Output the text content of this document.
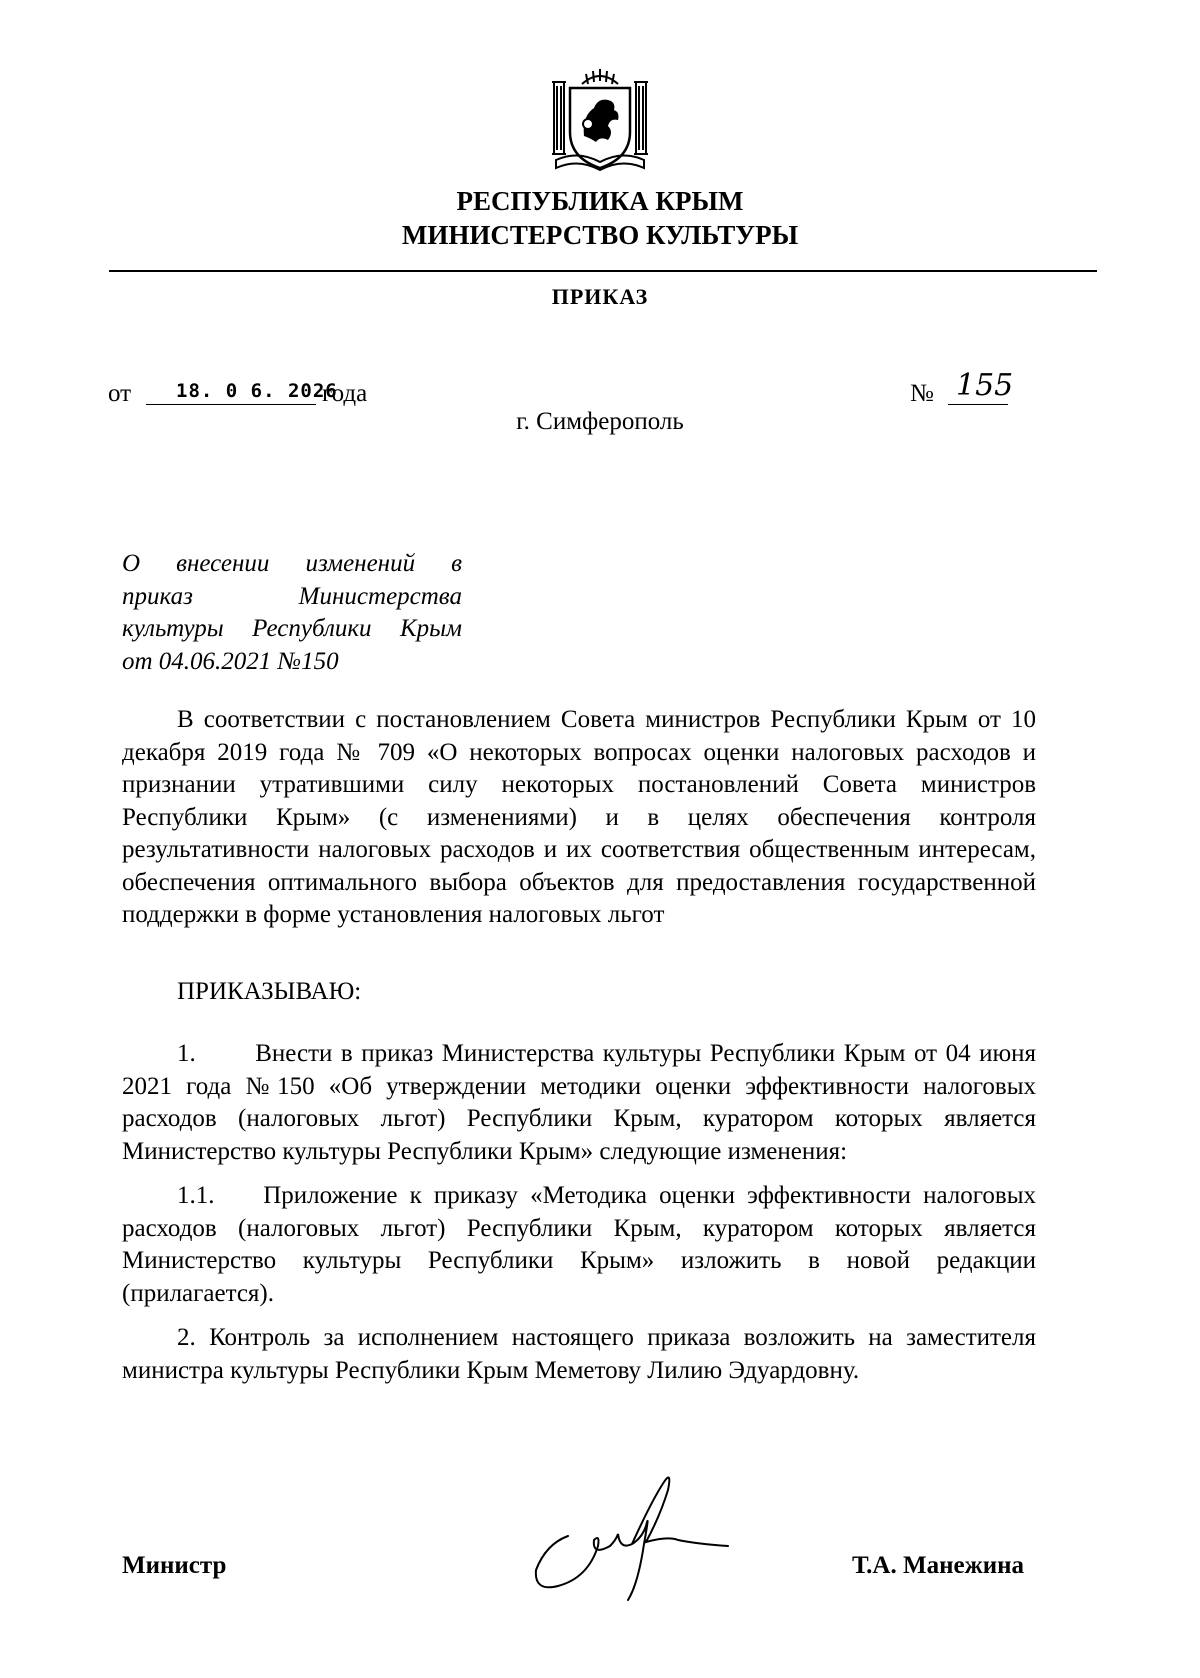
РЕСПУБЛИКА КРЫМ
МИНИСТЕРСТВО КУЛЬТУРЫ
ПРИКАЗ
от 18. 0 6. 2026
года	№ 155
г. Симферополь
О внесении изменений в
приказ Министерства
культуры Республики Крым
от 04.06.2021 №150
В соответствии с постановлением Совета министров Республики Крым от 10 декабря 2019 года № 709 «О некоторых вопросах оценки налоговых расходов и признании утратившими силу некоторых постановлений Совета министров Республики Крым» (с изменениями) и в целях обеспечения контроля результативности налоговых расходов и их соответствия общественным интересам, обеспечения оптимального выбора объектов для предоставления государственной поддержки в форме установления налоговых льгот
ПРИКАЗЫВАЮ:
1.       Внести в приказ Министерства культуры Республики Крым от 04 июня 2021 года №150 «Об утверждении методики оценки эффективности налоговых расходов (налоговых льгот) Республики Крым, куратором которых является Министерство культуры Республики Крым» следующие изменения:
1.1.    Приложение к приказу «Методика оценки эффективности налоговых расходов (налоговых льгот) Республики Крым, куратором которых является Министерство культуры Республики Крым» изложить в новой редакции (прилагается).
2. Контроль за исполнением настоящего приказа возложить на заместителя министра культуры Республики Крым Меметову Лилию Эдуардовну.
Министр	Т.А. Манежина
